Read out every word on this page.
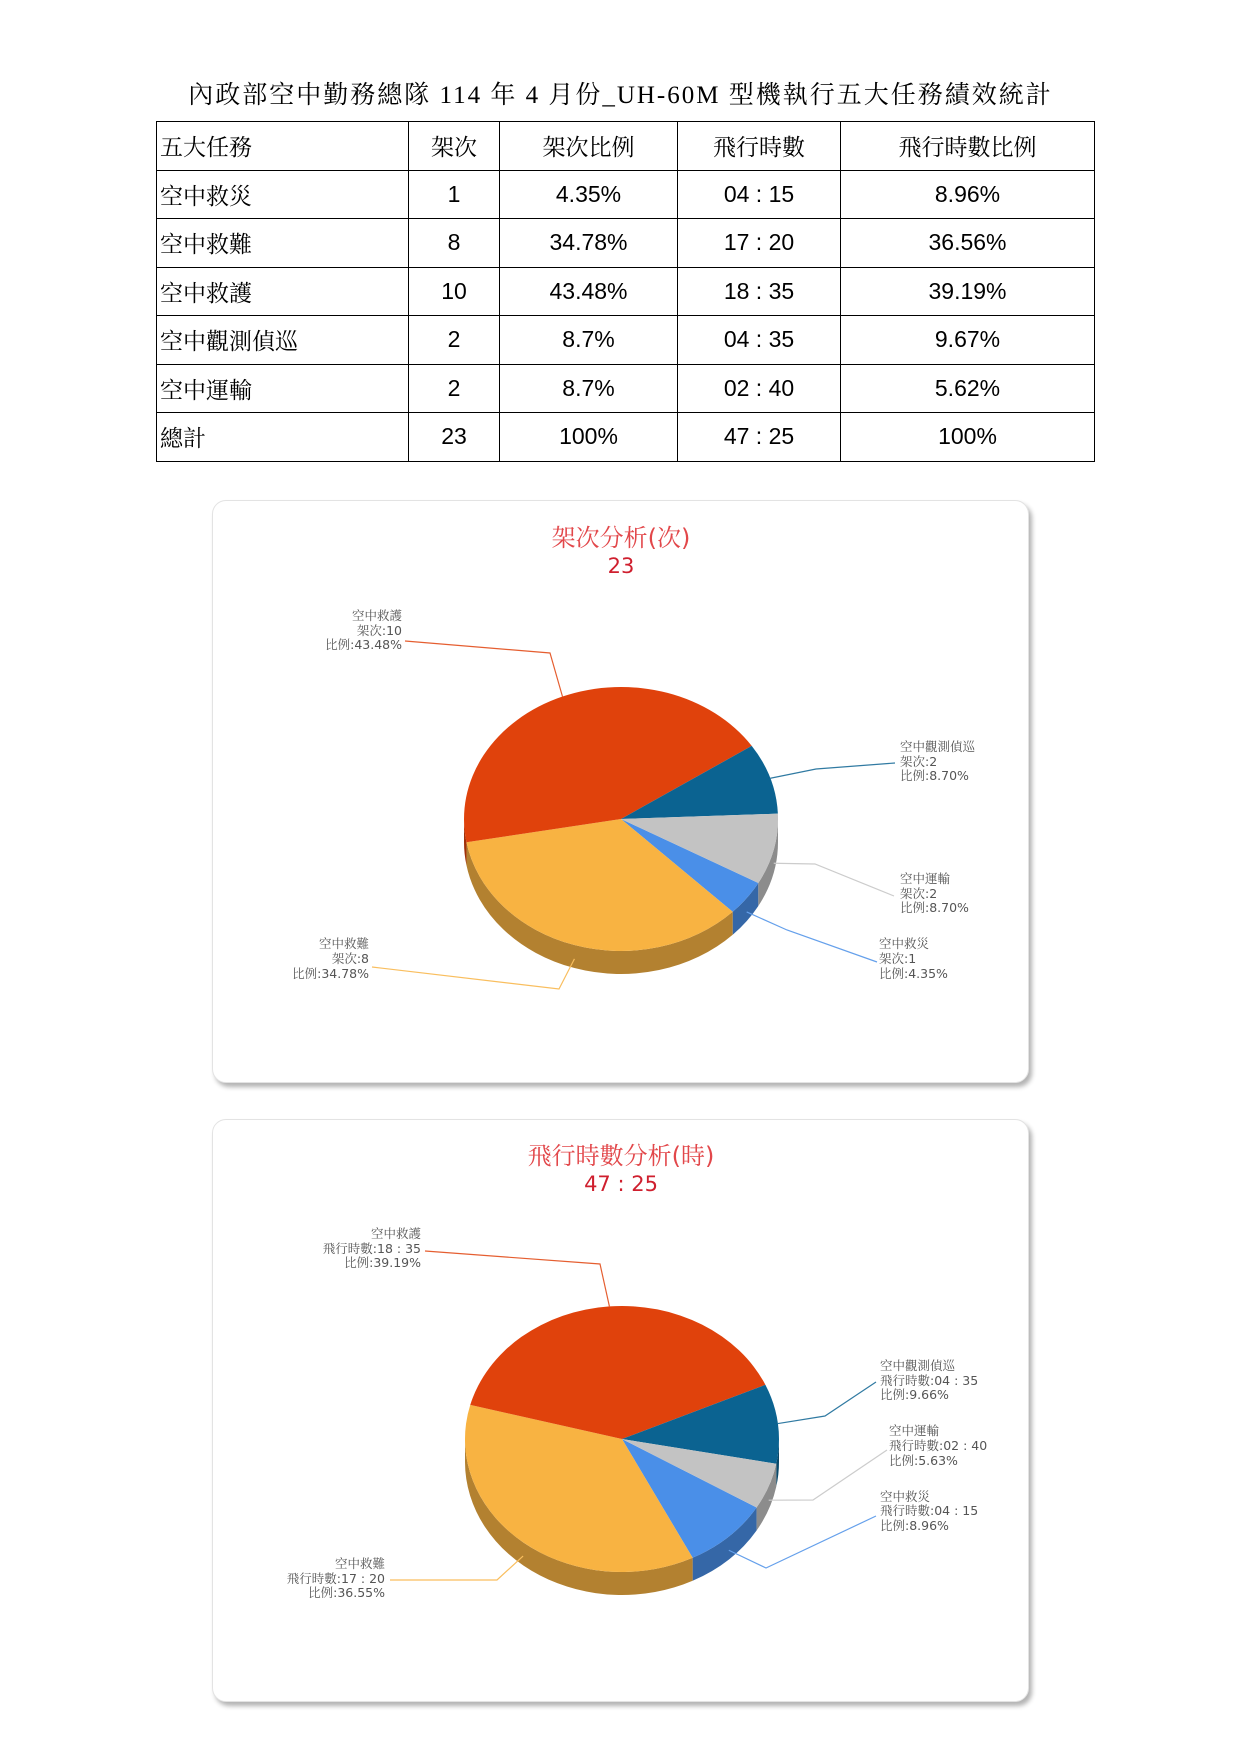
內政部空中勤務總隊 114 年 4 月份_UH-60M 型機執行五大任務績效統計
五大任務	架次	架次比例	飛行時數	飛行時數比例
空中救災	1	4.35%	04 : 15	8.96%
空中救難	8	34.78%	17 : 20	36.56%
空中救護	10	43.48%	18 : 35	39.19%
空中觀測偵巡	2	8.7%	04 : 35	9.67%
空中運輸	2	8.7%	02 : 40	5.62%
總計	23	100%	47 : 25	100%
架次分析(次)
23
空中救災
架次:1
比例:4.35%
空中救難
架次:8
比例:34.78%
空中救護
架次:10
比例:43.48%
空中觀測偵巡
架次:2
比例:8.70%
空中運輸
架次:2
比例:8.70%
飛行時數分析(時)
47 : 25
空中救災
飛行時數:04 : 15
比例:8.96%
空中救難
飛行時數:17 : 20
比例:36.55%
空中救護
飛行時數:18 : 35
比例:39.19%
空中觀測偵巡
飛行時數:04 : 35
比例:9.66%
空中運輸
飛行時數:02 : 40
比例:5.63%
